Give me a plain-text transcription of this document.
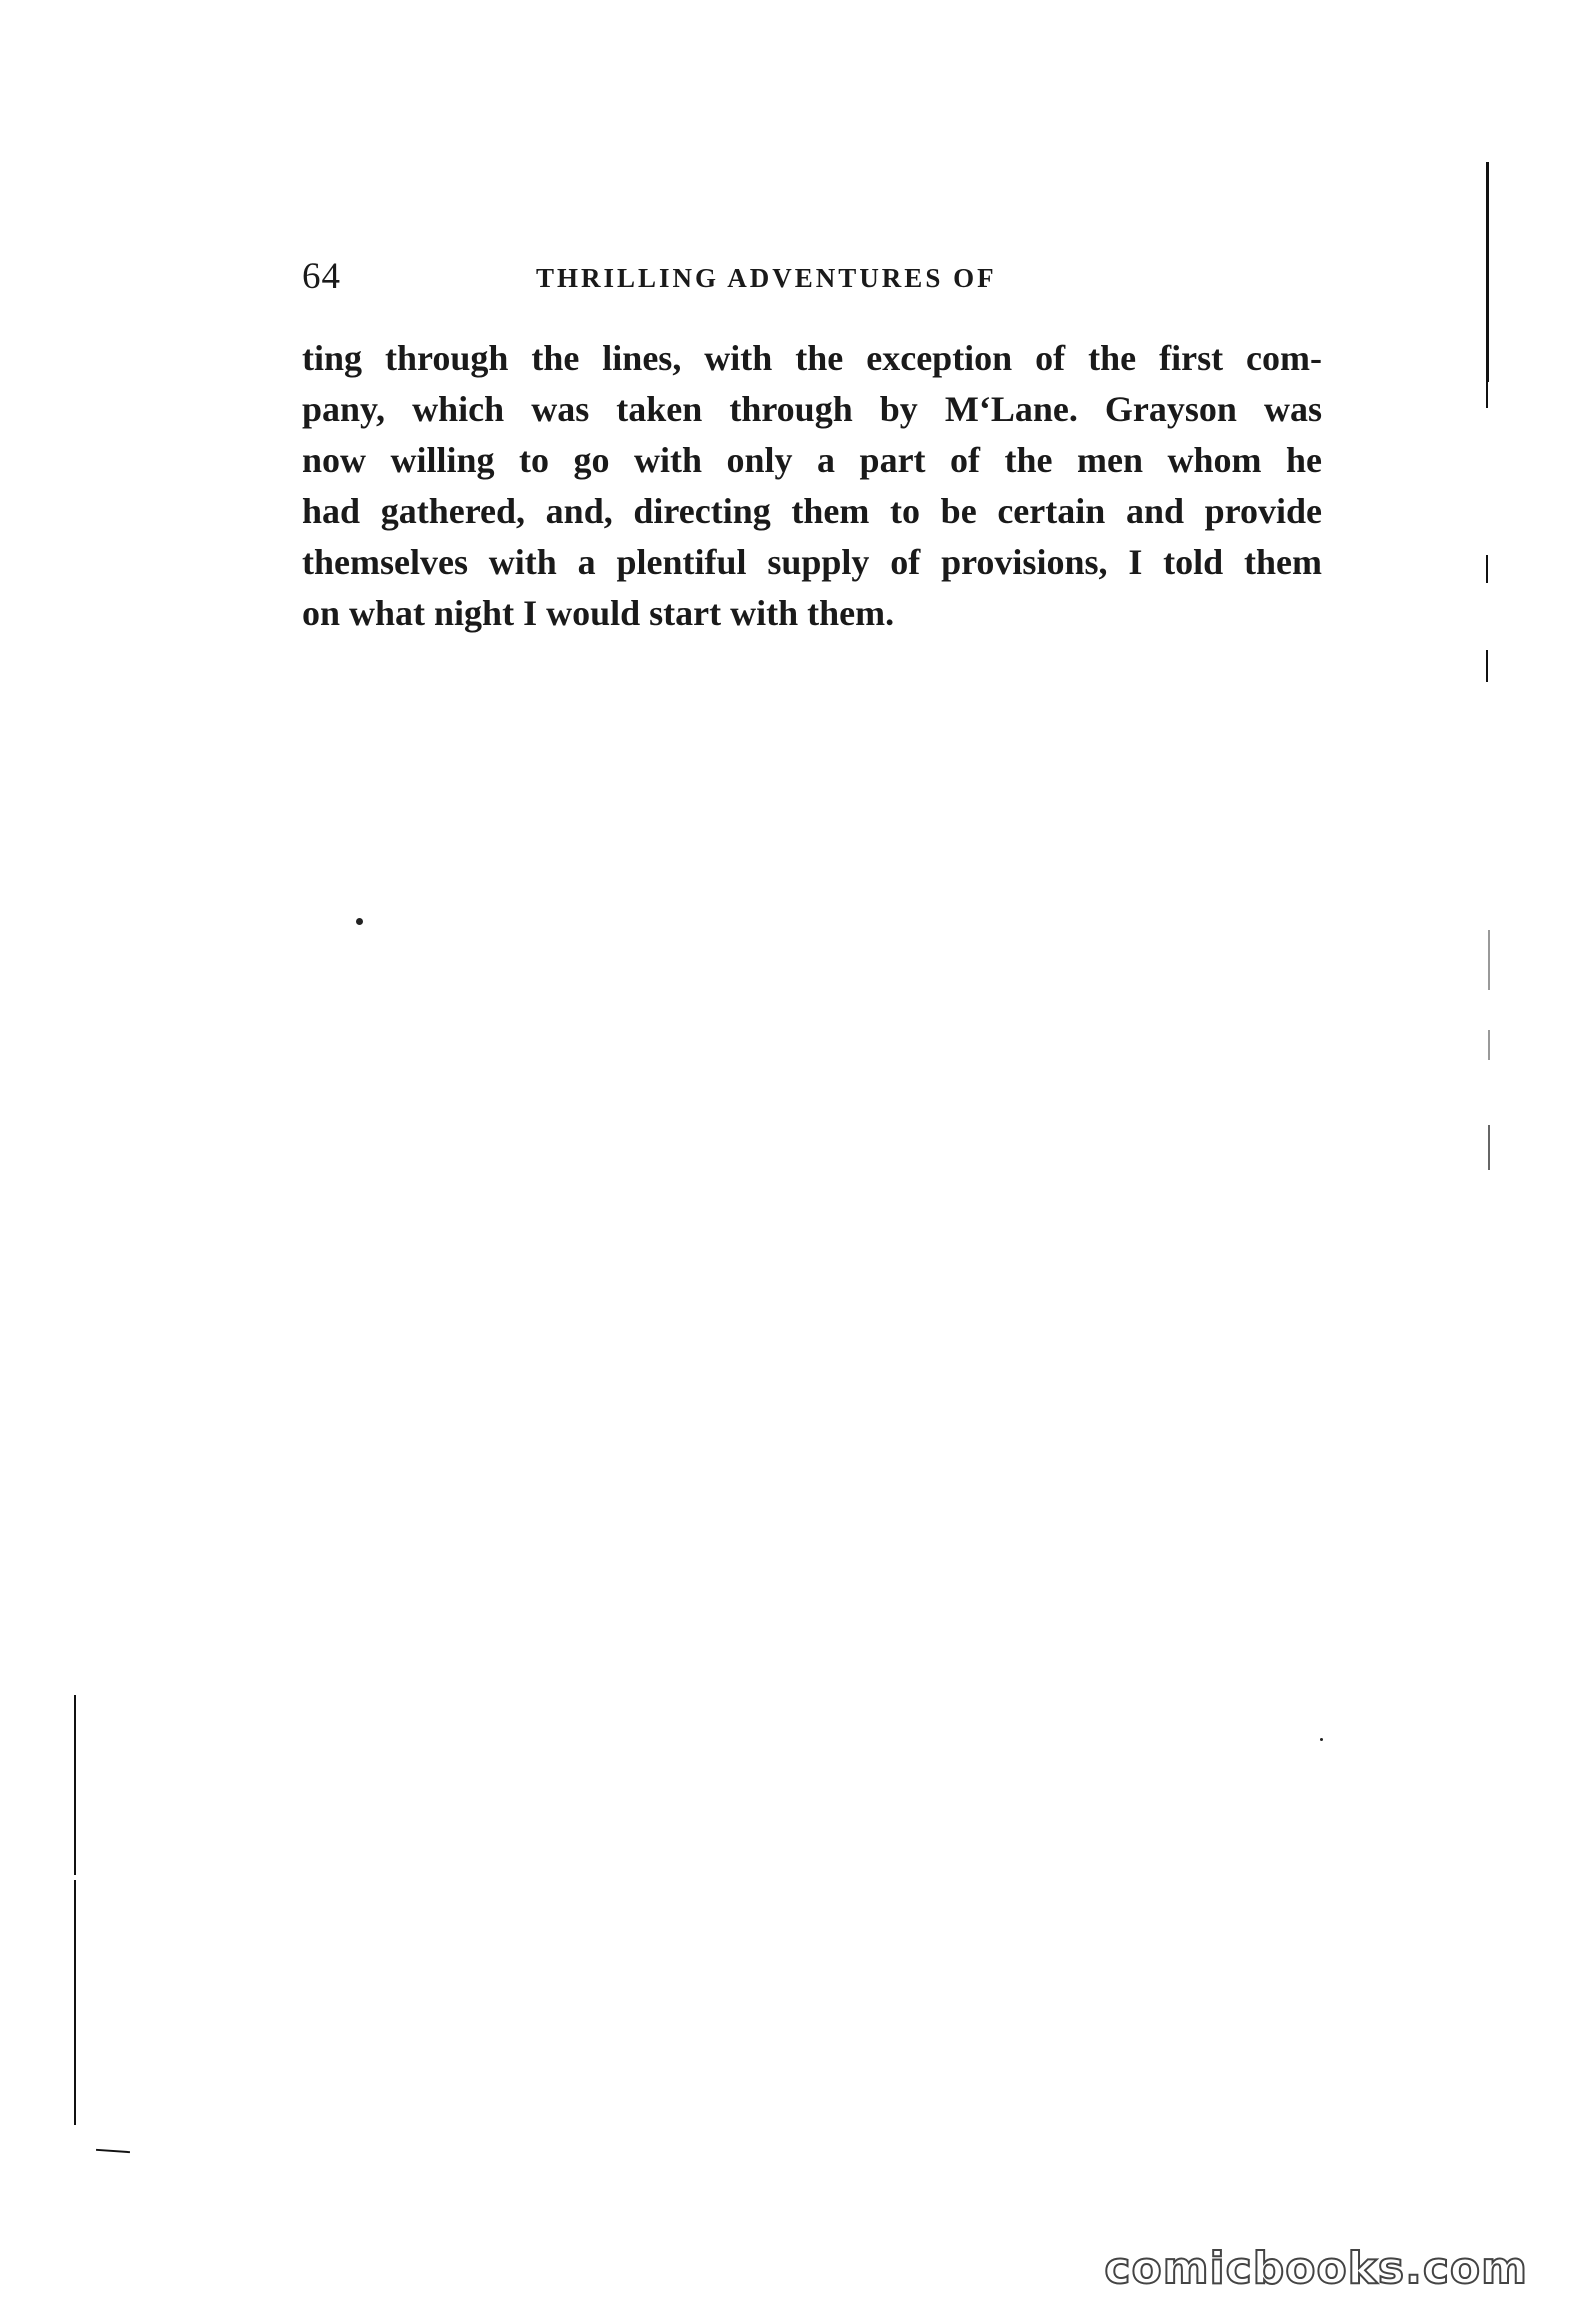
64	THRILLING ADVENTURES OF
ting through the lines, with the exception of the first com-
pany, which was taken through by M‘Lane. Grayson was
now willing to go with only a part of the men whom he
had gathered, and, directing them to be certain and provide
themselves with a plentiful supply of provisions, I told them
on what night I would start with them.
comicbooks.com
